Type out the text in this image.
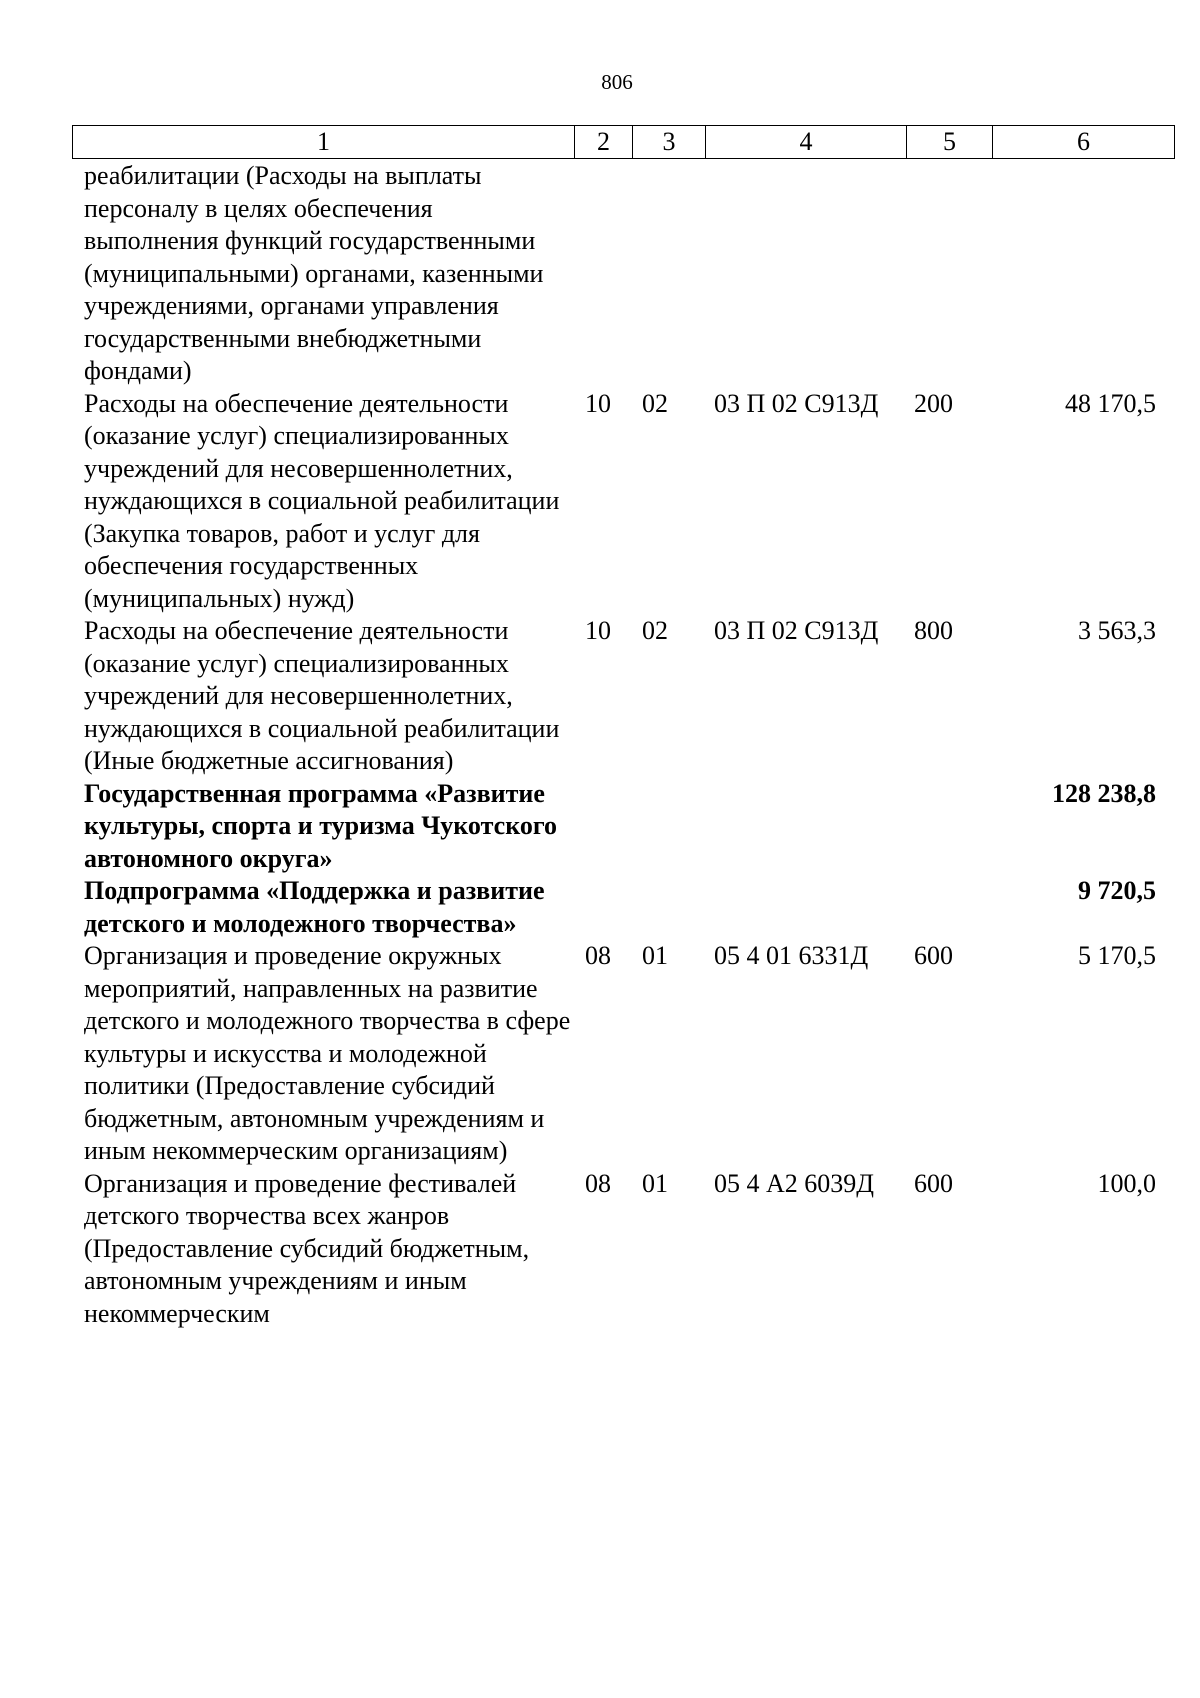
806
1	2	3	4	5	6
реабилитации (Расходы на выплаты персоналу в целях обеспечения выполнения функций государственными (муниципальными) органами, казенными учреждениями, органами управления государственными внебюджетными фондами)					
Расходы на обеспечение деятельности (оказание услуг) специализированных учреждений для несовершеннолетних, нуждающихся в социальной реабилитации (Закупка товаров, работ и услуг для обеспечения государственных (муниципальных) нужд)	10	02	03 П 02 С913Д	200	48 170,5
Расходы на обеспечение деятельности (оказание услуг) специализированных учреждений для несовершеннолетних, нуждающихся в социальной реабилитации (Иные бюджетные ассигнования)	10	02	03 П 02 С913Д	800	3 563,3
Государственная программа «Развитие культуры, спорта и туризма Чукотского автономного округа»					128 238,8
Подпрограмма «Поддержка и развитие детского и молодежного творчества»					9 720,5
Организация и проведение окружных мероприятий, направленных на развитие детского и молодежного творчества в сфере культуры и искусства и молодежной политики (Предоставление субсидий бюджетным, автономным учреждениям и иным некоммерческим организациям)	08	01	05 4 01 6331Д	600	5 170,5
Организация и проведение фестивалей детского творчества всех жанров (Предоставление субсидий бюджетным, автономным учреждениям и иным некоммерческим	08	01	05 4 А2 6039Д	600	100,0
